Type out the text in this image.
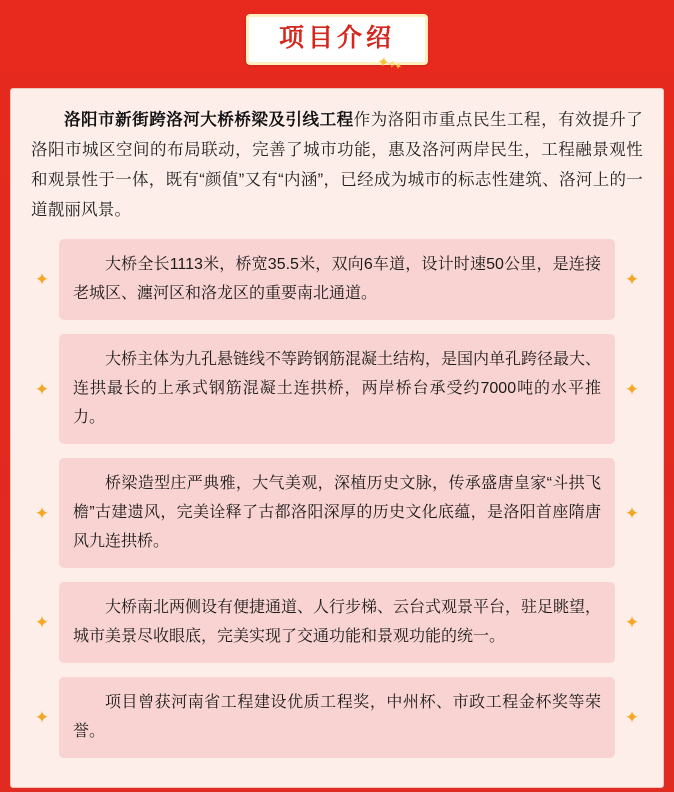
项目介绍
✦✧✦

洛阳市新街跨洛河大桥桥梁及引线工程作为洛阳市重点民生工程，有效提升了洛阳市城区空间的布局联动，完善了城市功能，惠及洛河两岸民生，工程融景观性和观景性于一体，既有“颜值”又有“内涵”，已经成为城市的标志性建筑、洛河上的一道靓丽风景。

✦
大桥全长1113米，桥宽35.5米，双向6车道，设计时速50公里，是连接老城区、瀍河区和洛龙区的重要南北通道。
✦
✦
大桥主体为九孔悬链线不等跨钢筋混凝土结构，是国内单孔跨径最大、连拱最长的上承式钢筋混凝土连拱桥，两岸桥台承受约7000吨的水平推力。
✦
✦
桥梁造型庄严典雅，大气美观，深植历史文脉，传承盛唐皇家“斗拱飞檐”古建遗风，完美诠释了古都洛阳深厚的历史文化底蕴，是洛阳首座隋唐风九连拱桥。
✦
✦
大桥南北两侧设有便捷通道、人行步梯、云台式观景平台，驻足眺望，城市美景尽收眼底，完美实现了交通功能和景观功能的统一。
✦
✦
项目曾获河南省工程建设优质工程奖，中州杯、市政工程金杯奖等荣誉。
✦
